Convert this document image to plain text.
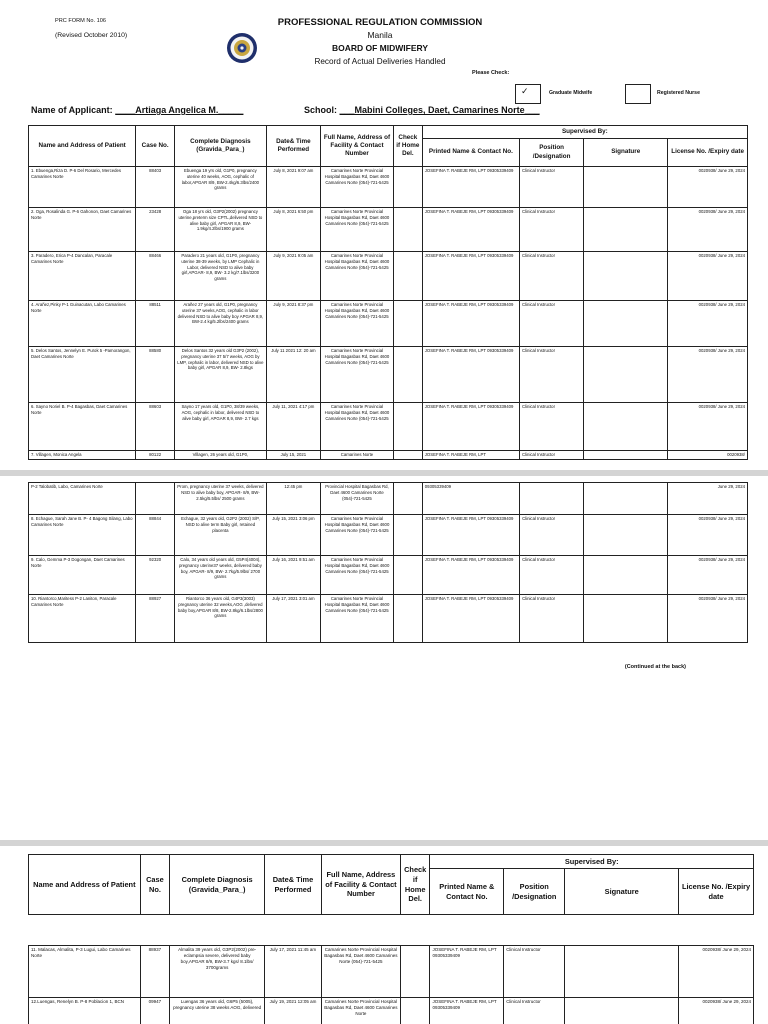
PRC FORM No. 106
(Revised October 2010)
PROFESSIONAL REGULATION COMMISSION
Manila
BOARD OF MIDWIFERY
Record of Actual Deliveries Handled
Please Check:
✓	Graduate Midwife	Registered Nurse
Name of Applicant: ____Artiaga Angelica M._____	School: ___Mabini Colleges, Daet, Camarines Norte___
Name and Address of Patient	Case No.	Complete Diagnosis (Gravida_Para_)	Date& Time Performed	Full Name, Address of Facility & Contact Number	Check if Home Del.	Supervised By:			
						Printed Name & Contact No.	Position /Designation	Signature	License No. /Expiry date
1. Ebuenga,Riza D. P-6 Del Rosario, Mercedes Camarines Norte	88403	Ebuenga 19 yrs old, G1P0, pregnancy uterine 40 weeks, AOG, cephalic of labor,APGAR 8/9, BW-2.4kg/6.3lbs/2400 grams	July 8, 2021 9:07 am	Camarines Norte Provincial Hospital Bagasbas Rd, Daet 4600 Camarines Norte (054)-721-5425		JOSEFINA T. RABEJE RM, LPT 09305339409	Clinical Instructor		0020938/ June 29, 2024
2. Oga, Rosalinda G. P-6 Gahonon, Daet Camarines Norte	23428	Oga 18 yrs old, G3P2(2002) pregnancy uterine,preterm size CPTL,delivered NSD to alive baby girl, APGAR 8,9, BW-1.9kg/4.2lbs/1900 grams	July 8, 2021 6:50 pm	Camarines Norte Provincial Hospital Bagasbas Rd, Daet 4600 Camarines Norte (054)-721-5425		JOSEFINA T. RABEJE RM, LPT 09305339409	Clinical Instructor		0020938/ June 29, 2024
3. Paradero, Erica P-4 Dancalan, Paracale Camarines Norte	88466	Paradero 21 years old, G1P0, pregnancy uterine 38-39 weeks, by LMP Cephalic in Labor, delivered NSD to alive baby girl,APGAR- 8,9, BW- 3.2 kg/7.1lbs/3200 grams	July 9, 2021 9:05 am	Camarines Norte Provincial Hospital Bagasbas Rd, Daet 4600 Camarines Norte (054)-721-5425		JOSEFINA T. RABEJE RM, LPT 09305339409	Clinical Instructor		0020938/ June 29, 2024
4. Arañez,Pinky P-1 Guinacutan, Labo Camarines Norte	88511	Arañez 27 years old, G1P0, pregnancy uterine 37 weeks,AOG, cephalic in labor delivered NSD to alive baby boy APGAR 8,9, BW-2.4 kg/5.2lbs/2400 grams	July 9, 2021 8:37 pm	Camarines Norte Provincial Hospital Bagasbas Rd, Daet 4600 Camarines Norte (054)-721-5425		JOSEFINA T. RABEJE RM, LPT 09305339409	Clinical Instructor		0020938/ June 29, 2024
5. Delos Santos, Jennelyn E. Purok 5 -Pamorangon, Daet Camarines Norte	88580	Delos Santos 32 years old G3P2 (2002), pregnancy uterine 37 5/7 weeks, AOG by LMP, cephalic in labor, delivered NSD to alive baby girl, APGAR 8,9, BW- 2.8kgs	July 11 2021 12: 20 am	Camarines Norte Provincial Hospital Bagasbas Rd, Daet 4600 Camarines Norte (054)-721-5425		JOSEFINA T. RABEJE RM, LPT 09305339409	Clinical Instructor		0020938/ June 29, 2024
6. Sayno Noriel B. P-4 Bagasbas, Daet Camarines Norte	88603	Sayno 17 years old, G1P0, 38/39 weeks, AOG, cephalic in labor, delivered NSD to alive baby girl, APGAR 8,9, BW- 2.7 kgs	July 11, 2021 4:17 pm	Camarines Norte Provincial Hospital Bagasbas Rd, Daet 4600 Camarines Norte (054)-721-5425		JOSEFINA T. RABEJE RM, LPT 09305339409	Clinical Instructor		0020938/ June 29, 2024
7. Villagen, Monica Angela	80122	Villagen, 26 years old, G1P0,	July 15, 2021	Camarines Norte		JOSEFINA T. RABEJE RM, LPT	Clinical Instructor		0020938/
P-2 Talobatib, Labo, Camarines Norte		Prom, pregnancy uterine 37 weeks, delivered NSD to alive baby boy, APGAR- 8/9, BW- 2.5kg/5.5lbs/ 2500 grams	12:45 pm	Provincial Hospital Bagasbas Rd, Daet 4600 Camarines Norte (054)-721-5425		09305339409			June 29, 2024
8. Echague, Sarah Jane B. P- 4 Bagong Silang, Labo Camarines Norte	88844	Echague, 32 years old, G2P2 (2002) S/P, NSD to alive term Baby girl, retained placenta	July 15, 2021 3:06 pm	Camarines Norte Provincial Hospital Bagasbas Rd, Daet 4600 Camarines Norte (054)-721-5425		JOSEFINA T. RABEJE RM, LPT 09305339409	Clinical Instructor		0020938/ June 29, 2024
9. Calo, Gemma P-3 Dogongan, Daet Camarines Norte	92320	Calo, 34 years old years old, G5P4(4004), pregnancy uterine37 weeks, delivered baby boy, APGAR- 8/9, BW- 2.7kg/5.9lbs/ 2700 grams	July 16, 2021 9:51 am	Camarines Norte Provincial Hospital Bagasbas Rd, Daet 4600 Camarines Norte (054)-721-5425		JOSEFINA T. RABEJE RM, LPT 09305339409	Clinical Instructor		0020938/ June 29, 2024
10. Riantorco,Maritess P-2 Laniton, Paracale Camarines Norte	88927	Riantorco 36 years old, G4P3(3003) pregnancy uterine 32 weeks,AOG ,delivered baby boy,APGAR 8/8, BW-2.8kg/6.1lbs/2800 grams	July 17, 2021 3:01 am	Camarines Norte Provincial Hospital Bagasbas Rd, Daet 4600 Camarines Norte (054)-721-5425		JOSEFINA T. RABEJE RM, LPT 09305339409	Clinical Instructor		0020938/ June 29, 2024
(Continued at the back)
Name and Address of Patient	Case No.	Complete Diagnosis (Gravida_Para_)	Date& Time Performed	Full Name, Address of Facility & Contact Number	Check if Home Del.	Supervised By:			
						Printed Name & Contact No.	Position /Designation	Signature	License No. /Expiry date
11. Malacas, Almalita, P-3 Lugui, Labo Camarines Norte	88937	Almalita 39 years old, G3P2(2002) pre-eclampsia severe, delivered baby boy,APGAR 8/9, BW-3.7 kgs/ 8.1lbs/ 3700grams	July 17, 2021 11:45 am	Camarines Norte Provincial Hospital Bagasbas Rd, Daet 4600 Camarines Norte (054)-721-5425		JOSEFINA T. RABEJE RM, LPT 09305339409	Clinical Instructor		0020938/ June 29, 2024
12.Luengas, Renelyn B. P-8 Poblacion 1, BCN	09947	Luengas 36 years old, G6P5 (5005), pregnancy uterine 38 weeks AOG, delivered	July 19, 2021 12:05 am	Camarines Norte Provincial Hospital Bagasbas Rd, Daet 4600 Camarines Norte		JOSEFINA T. RABEJE RM, LPT 09305339409	Clinical Instructor		0020938/ June 29, 2024
